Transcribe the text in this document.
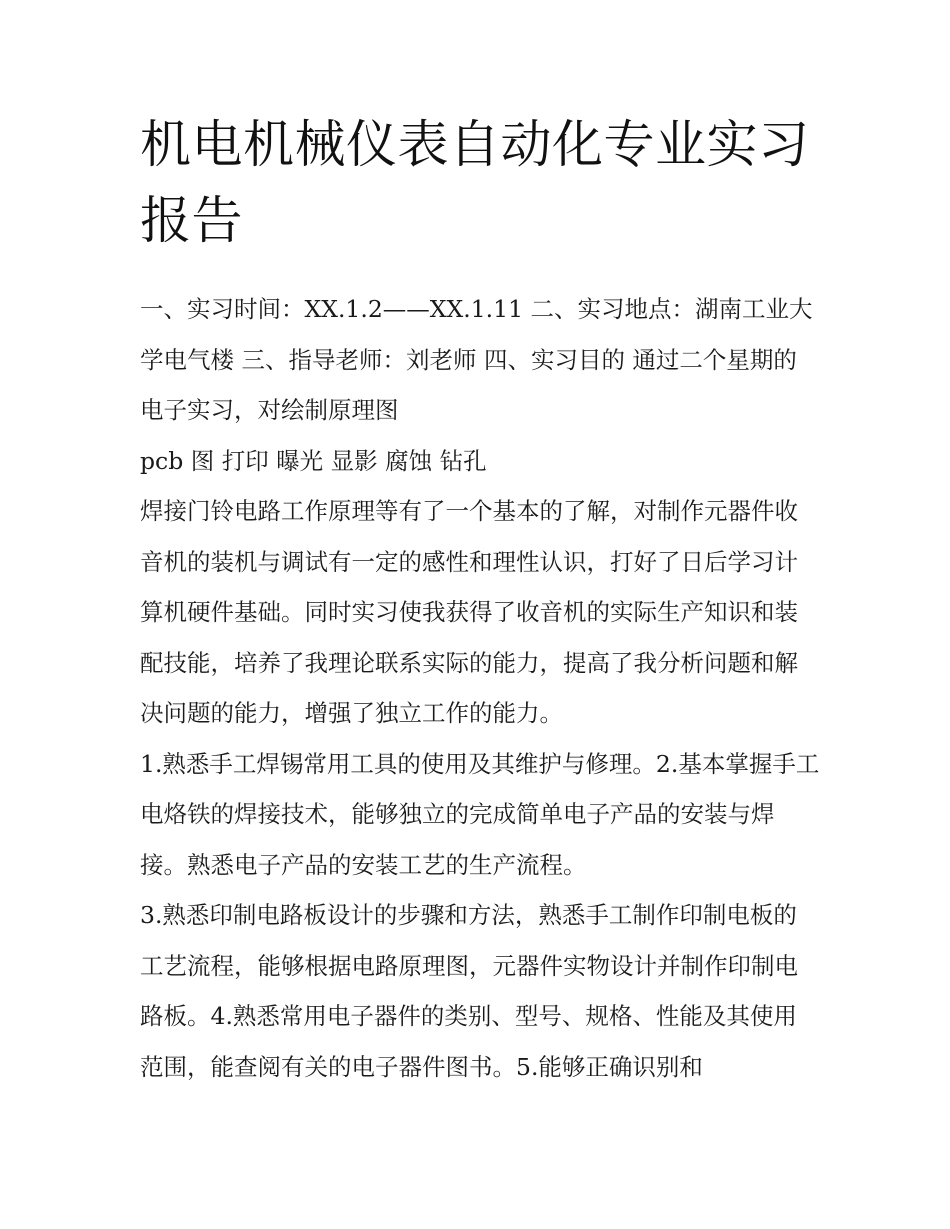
机电机械仪表自动化专业实习报告

一、实习时间：XX.1.2——XX.1.11 二、实习地点：湖南工业大学电气楼 三、指导老师：刘老师 四、实习目的 通过二个星期的电子实习，对绘制原理图

pcb 图 打印 曝光 显影 腐蚀 钻孔

焊接门铃电路工作原理等有了一个基本的了解，对制作元器件收音机的装机与调试有一定的感性和理性认识，打好了日后学习计算机硬件基础。同时实习使我获得了收音机的实际生产知识和装配技能，培养了我理论联系实际的能力，提高了我分析问题和解决问题的能力，增强了独立工作的能力。

1.熟悉手工焊锡常用工具的使用及其维护与修理。2.基本掌握手工电烙铁的焊接技术，能够独立的完成简单电子产品的安装与焊接。熟悉电子产品的安装工艺的生产流程。

3.熟悉印制电路板设计的步骤和方法，熟悉手工制作印制电板的工艺流程，能够根据电路原理图，元器件实物设计并制作印制电路板。4.熟悉常用电子器件的类别、型号、规格、性能及其使用范围，能查阅有关的电子器件图书。5.能够正确识别和
